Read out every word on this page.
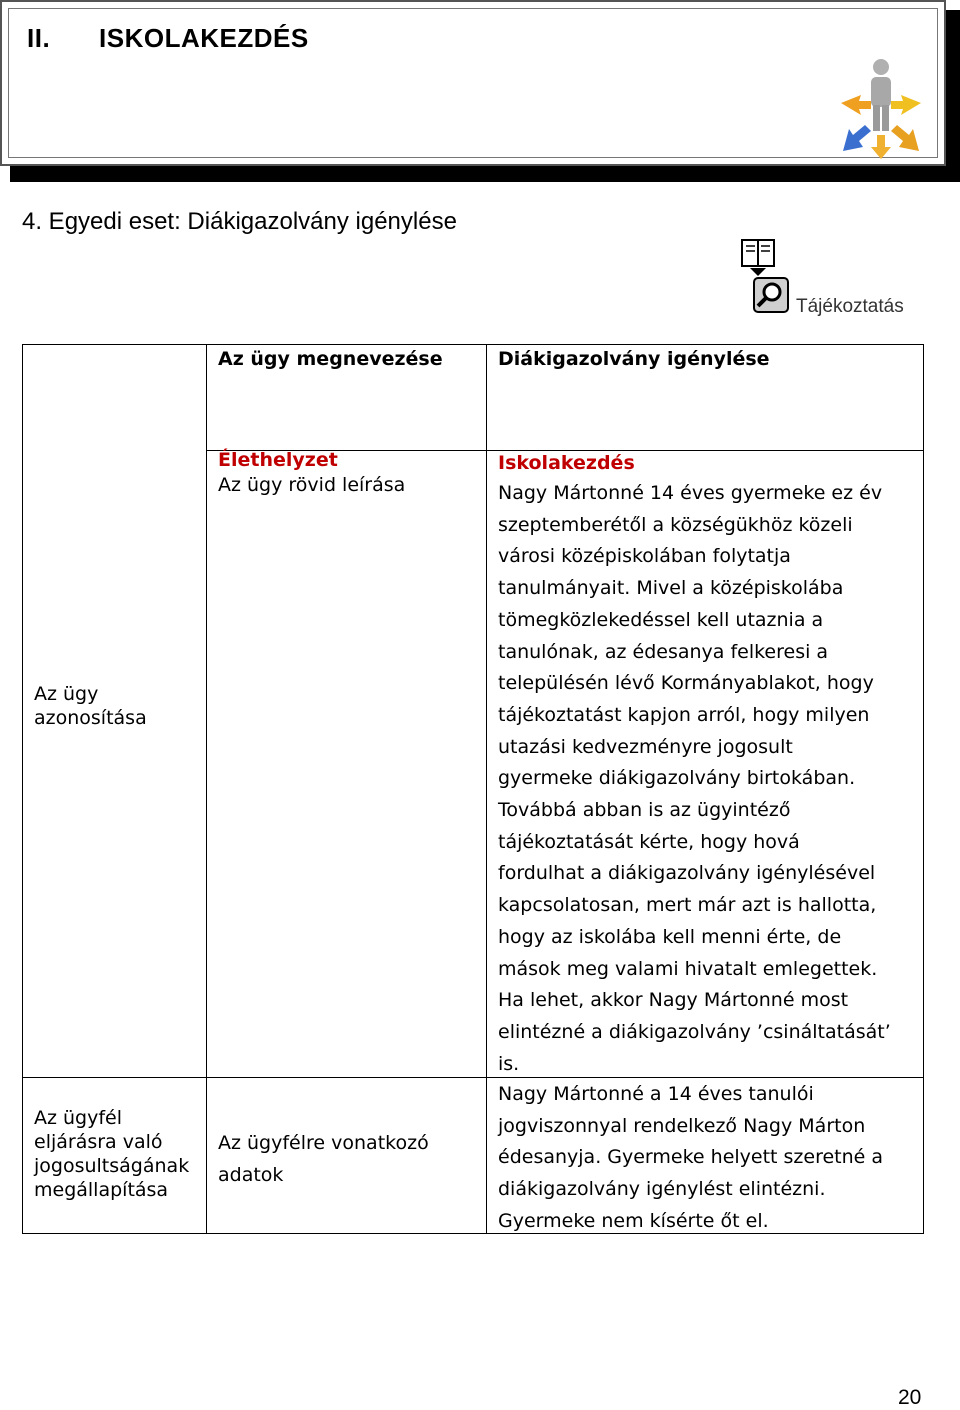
II. ISKOLAKEZDÉS
4. Egyedi eset: Diákigazolvány igénylése
Tájékoztatás
Az ügy megnevezése	Diákigazolvány igénylése
Az ügy
azonosítása
Az ügyfél
eljárásra való
jogosultságának
megállapítása
Élethelyzet
Az ügy rövid leírása

Iskolakezdés

Nagy Mártonné 14 éves gyermeke ez év

szeptemberétől a községükhöz közeli

városi középiskolában folytatja

tanulmányait. Mivel a középiskolába

tömegközlekedéssel kell utaznia a

tanulónak, az édesanya felkeresi a

településén lévő Kormányablakot, hogy

tájékoztatást kapjon arról, hogy milyen

utazási kedvezményre jogosult

gyermeke diákigazolvány birtokában.

Továbbá abban is az ügyintéző

tájékoztatását kérte, hogy hová

fordulhat a diákigazolvány igénylésével

kapcsolatosan, mert már azt is hallotta,

hogy az iskolába kell menni érte, de

mások meg valami hivatalt emlegettek.

Ha lehet, akkor Nagy Mártonné most

elintézné a diákigazolvány ’csináltatását’

is.

Az ügyfélre vonatkozó

adatok

Nagy Mártonné a 14 éves tanulói

jogviszonnyal rendelkező Nagy Márton

édesanyja. Gyermeke helyett szeretné a

diákigazolvány igénylést elintézni.

Gyermeke nem kísérte őt el.

20
